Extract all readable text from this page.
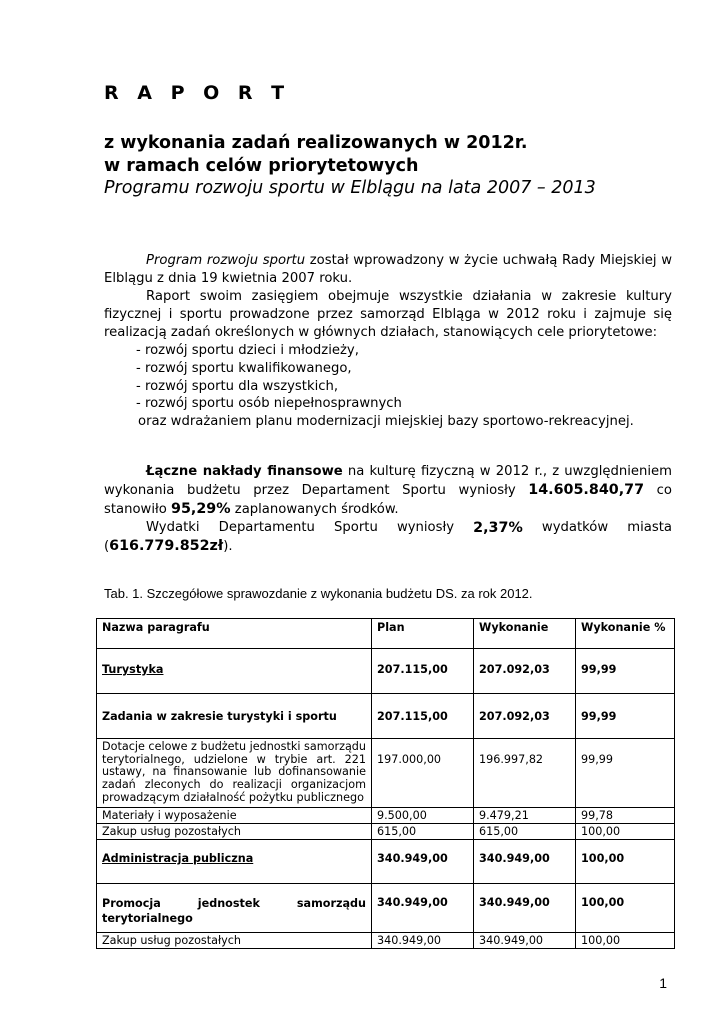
R A P O R T
z wykonania zadań realizowanych w 2012r.
w ramach celów priorytetowych
Programu rozwoju sportu w Elblągu na lata 2007 – 2013
Program rozwoju sportu został wprowadzony w życie uchwałą Rady Miejskiej w Elblągu z dnia 19 kwietnia 2007 roku.
Raport swoim zasięgiem obejmuje wszystkie działania w zakresie kultury fizycznej i sportu prowadzone przez samorząd Elbląga w 2012 roku i zajmuje się realizacją zadań określonych w głównych działach, stanowiących cele priorytetowe:
- rozwój sportu dzieci i młodzieży,
- rozwój sportu kwalifikowanego,
- rozwój sportu dla wszystkich,
- rozwój sportu osób niepełnosprawnych
oraz wdrażaniem planu modernizacji miejskiej bazy sportowo-rekreacyjnej.
Łączne nakłady finansowe na kulturę fizyczną w 2012 r., z uwzględnieniem wykonania budżetu przez Departament Sportu wyniosły 14.605.840,77 co stanowiło 95,29% zaplanowanych środków.
Wydatki Departamentu Sportu wyniosły 2,37% wydatków miasta
(616.779.852zł).
Tab. 1. Szczegółowe sprawozdanie z wykonania budżetu DS. za rok 2012.
Nazwa paragrafu	Plan	Wykonanie	Wykonanie %
Turystyka	207.115,00	207.092,03	99,99
Zadania w zakresie turystyki i sportu	207.115,00	207.092,03	99,99
Dotacje celowe z budżetu jednostki samorządu terytorialnego, udzielone w trybie art. 221 ustawy, na finansowanie lub dofinansowanie zadań zleconych do realizacji organizacjom prowadzącym działalność pożytku publicznego	197.000,00	196.997,82	99,99
Materiały i wyposażenie	9.500,00	9.479,21	99,78
Zakup usług pozostałych	615,00	615,00	100,00
Administracja publiczna	340.949,00	340.949,00	100,00
Promocja jednostek samorządu terytorialnego	340.949,00	340.949,00	100,00
Zakup usług pozostałych	340.949,00	340.949,00	100,00
1
